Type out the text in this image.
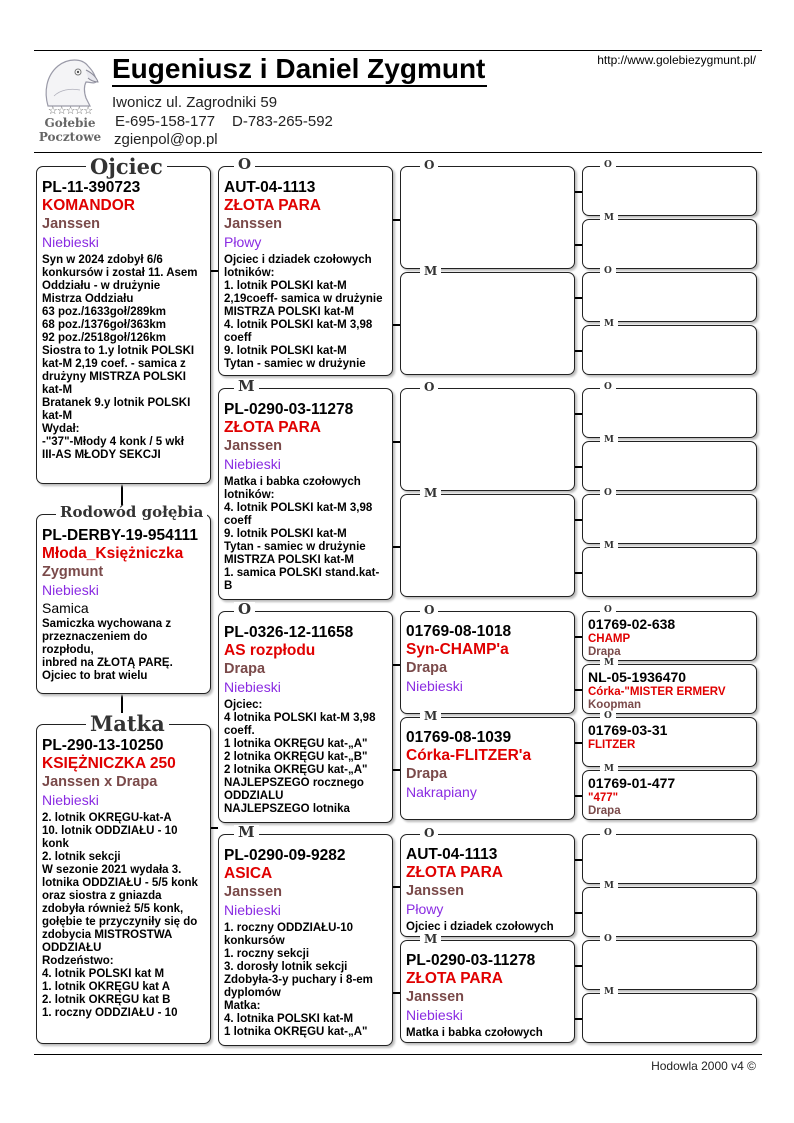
☆☆☆☆☆
Gołebie
Pocztowe
Eugeniusz i Daniel Zygmunt
Iwonicz ul. Zagrodniki 59
E-695-158-177 D-783-265-592
zgienpol@op.pl
http://www.golebiezygmunt.pl/
PL-11-390723
KOMANDOR
Janssen
Niebieski
Syn w 2024 zdobył 6/6
konkursów i został 11. Asem
Oddziału - w drużynie
Mistrza Oddziału
63 poz./1633goł/289km
68 poz./1376goł/363km
92 poz./2518goł/126km
Siostra to 1.y lotnik POLSKI
kat-M 2,19 coef. - samica z
drużyny MISTRZA POLSKI
kat-M
Bratanek 9.y lotnik POLSKI
kat-M
Wydał:
-"37"-Młody 4 konk / 5 wkł
III-AS MŁODY SEKCJI
Ojciec
PL-DERBY-19-954111
Młoda_Księżniczka
Zygmunt
Niebieski
Samica
Samiczka wychowana z
przeznaczeniem do
rozpłodu,
inbred na ZŁOTĄ PARĘ.
Ojciec to brat wielu
Rodowód gołębia
PL-290-13-10250
KSIĘŻNICZKA 250
Janssen x Drapa
Niebieski
2. lotnik OKRĘGU-kat-A
10. lotnik ODDZIAŁU - 10
konk
2. lotnik sekcji
W sezonie 2021 wydała 3.
lotnika ODDZIAŁU - 5/5 konk
oraz siostra z gniazda
zdobyła również 5/5 konk,
gołębie te przyczyniły się do
zdobycia MISTROSTWA
ODDZIAŁU
Rodzeństwo:
4. lotnik POLSKI kat M
1. lotnik OKRĘGU kat A
2. lotnik OKRĘGU kat B
1. roczny ODDZIAŁU - 10
Matka
AUT-04-1113
ZŁOTA PARA
Janssen
Płowy
Ojciec i dziadek czołowych
lotników:
1. lotnik POLSKI kat-M
2,19coeff- samica w drużynie
MISTRZA POLSKI kat-M
4. lotnik POLSKI kat-M 3,98
coeff
9. lotnik POLSKI kat-M
Tytan - samiec w drużynie
O
PL-0290-03-11278
ZŁOTA PARA
Janssen
Niebieski
Matka i babka czołowych
lotników:
4. lotnik POLSKI kat-M 3,98
coeff
9. lotnik POLSKI kat-M
Tytan - samiec w drużynie
MISTRZA POLSKI kat-M
1. samica POLSKI stand.kat-
B
M
PL-0326-12-11658
AS rozpłodu
Drapa
Niebieski
Ojciec:
4 lotnika POLSKI kat-M 3,98
coeff.
1 lotnika OKRĘGU kat-„A"
2 lotnika OKRĘGU kat-„B"
2 lotnika OKRĘGU kat-„A"
NAJLEPSZEGO rocznego
ODDZIALU
NAJLEPSZEGO lotnika
O
PL-0290-09-9282
ASICA
Janssen
Niebieski
1. roczny ODDZIAŁU-10
konkursów
1. roczny sekcji
3. dorosły lotnik sekcji
Zdobyła-3-y puchary i 8-em
dyplomów
Matka:
4. lotnika POLSKI kat-M
1 lotnika OKRĘGU kat-„A"
M
O
M
O
M
01769-08-1018
Syn-CHAMP'a
Drapa
Niebieski
O
01769-08-1039
Córka-FLITZER'a
Drapa
Nakrapiany
M
AUT-04-1113
ZŁOTA PARA
Janssen
Płowy
Ojciec i dziadek czołowych
O
PL-0290-03-11278
ZŁOTA PARA
Janssen
Niebieski
Matka i babka czołowych
M
O
M
O
M
O
M
O
M
01769-02-638
CHAMP
Drapa
O
NL-05-1936470
Córka-"MISTER ERMERV
Koopman
M
01769-03-31
FLITZER
O
01769-01-477
"477"
Drapa
M
O
M
O
M
Hodowla 2000 v4 ©
